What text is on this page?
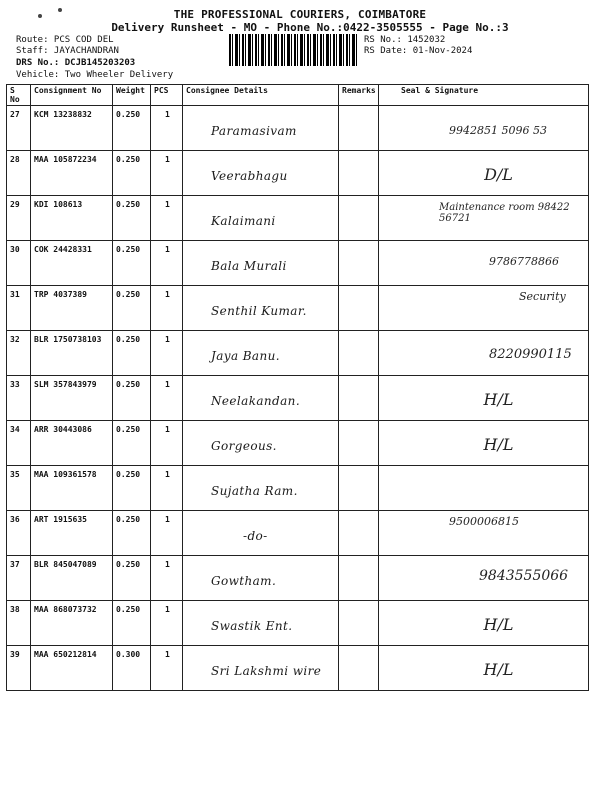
THE PROFESSIONAL COURIERS, COIMBATORE
Delivery Runsheet - MO - Phone No.:0422-3505555 - Page No.:3
Route: PCS COD DEL
Staff: JAYACHANDRAN
DRS No.: DCJB145203203
Vehicle: Two Wheeler Delivery
RS No.: 1452032
RS Date: 01-Nov-2024
S No	Consignment No	Weight	PCS	Consignee Details	Remarks	Seal & Signature
27	KCM 13238832	0.250	1	Paramasivam		9942851 5096 53

28	MAA 105872234	0.250	1	Veerabhagu		D/L

29	KDI 108613	0.250	1	Kalaimani		Maintenance room 98422 56721

30	COK 24428331	0.250	1	Bala Murali		9786778866

31	TRP 4037389	0.250	1	Senthil Kumar.		Security

32	BLR 1750738103	0.250	1	Jaya Banu.		8220990115

33	SLM 357843979	0.250	1	Neelakandan.		H/L

34	ARR 30443086	0.250	1	Gorgeous.		H/L

35	MAA 109361578	0.250	1	Sujatha Ram.		

36	ART 1915635	0.250	1	-do-		9500006815

37	BLR 845047089	0.250	1	Gowtham.		9843555066

38	MAA 868073732	0.250	1	Swastik Ent.		H/L

39	MAA 650212814	0.300	1	Sri Lakshmi wire		H/L
